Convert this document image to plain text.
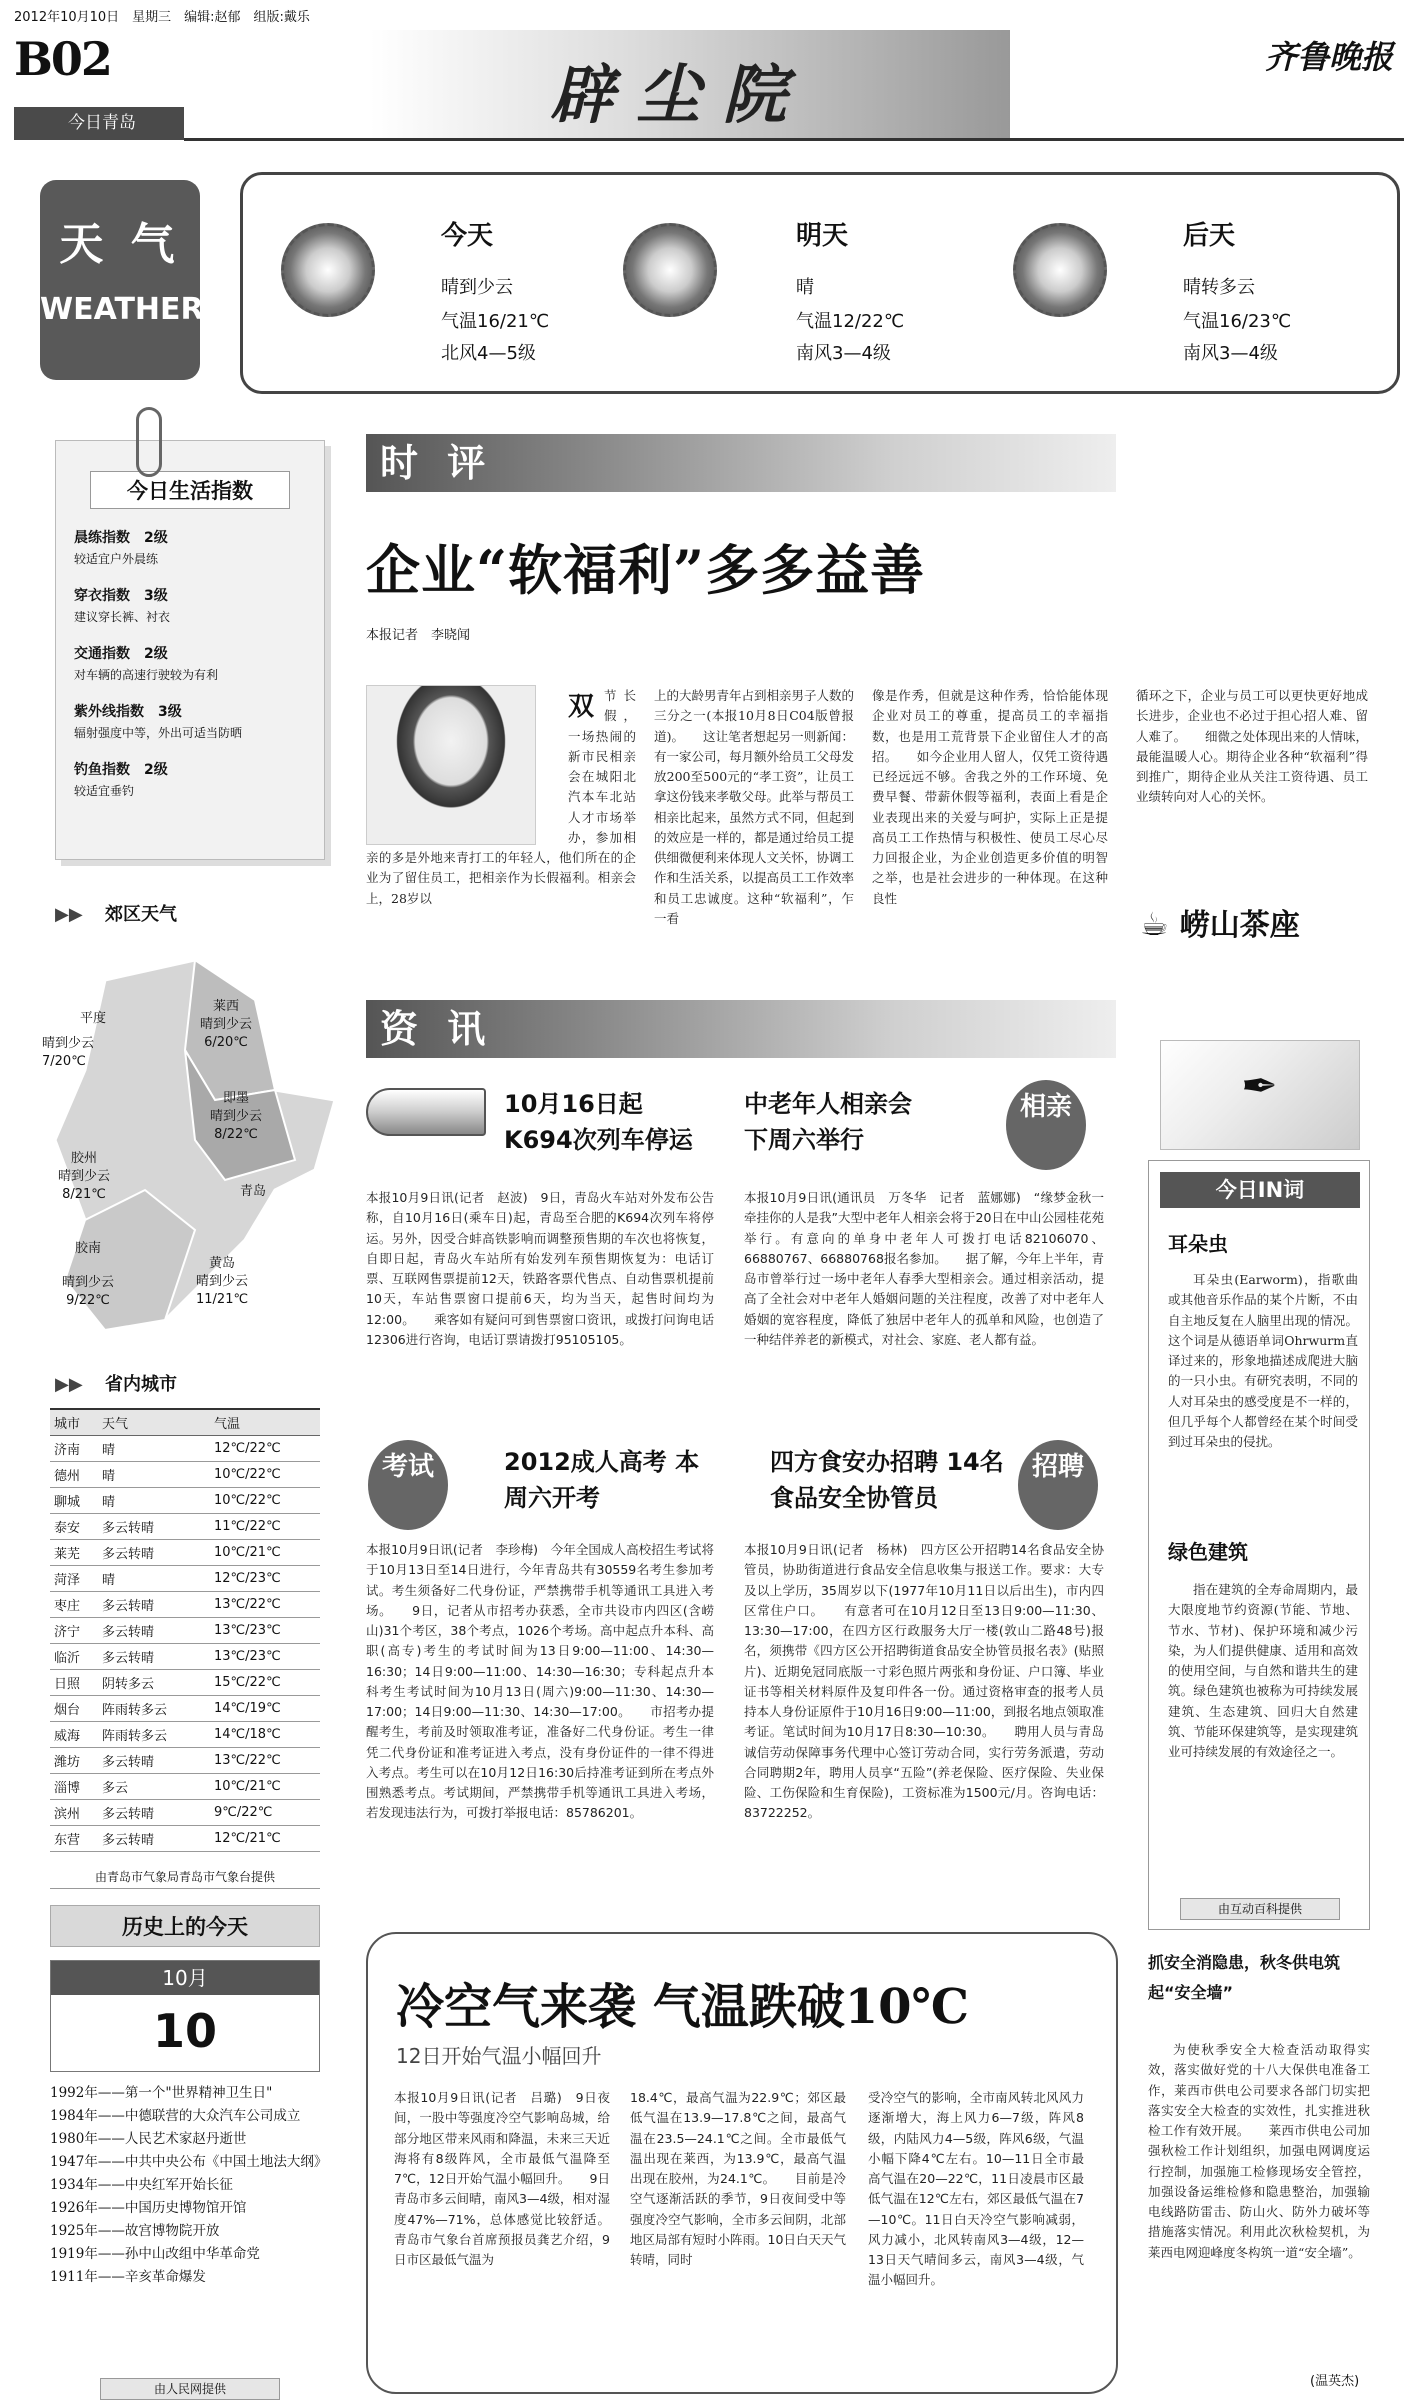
2012年10月10日　星期三　编辑:赵郁　组版:戴乐
B02
今日青岛	辟 尘 院
齐鲁晚报
天 气
WEATHER
今天
晴到少云
气温16/21℃
北风4—5级
明天
晴
气温12/22℃
南风3—4级
后天
晴转多云
气温16/23℃
南风3—4级
今日生活指数
晨练指数　2级
较适宜户外晨练
穿衣指数　3级
建议穿长裤、衬衣
交通指数　2级
对车辆的高速行驶较为有利
紫外线指数　3级
辐射强度中等，外出可适当防晒
钓鱼指数　2级
较适宜垂钓
▶▶ 郊区天气
平度
晴到少云
7/20℃
莱西
晴到少云
6/20℃
即墨
晴到少云
8/22℃
胶州
晴到少云
8/21℃	青岛
胶南
晴到少云
9/22℃
黄岛
晴到少云
11/21℃
▶▶ 省内城市
城市	天气	气温
济南	晴	12℃/22℃
德州	晴	10℃/22℃
聊城	晴	10℃/22℃
泰安	多云转晴	11℃/22℃
莱芜	多云转晴	10℃/21℃
菏泽	晴	12℃/23℃
枣庄	多云转晴	13℃/22℃
济宁	多云转晴	13℃/23℃
临沂	多云转晴	13℃/23℃
日照	阴转多云	15℃/22℃
烟台	阵雨转多云	14℃/19℃
威海	阵雨转多云	14℃/18℃
潍坊	多云转晴	13℃/22℃
淄博	多云	10℃/21℃
滨州	多云转晴	9℃/22℃
东营	多云转晴	12℃/21℃
由青岛市气象局青岛市气象台提供
历史上的今天
10月
10
1992年——第一个"世界精神卫生日"
1984年——中德联营的大众汽车公司成立
1980年——人民艺术家赵丹逝世
1947年——中共中央公布《中国土地法大纲》
1934年——中央红军开始长征
1926年——中国历史博物馆开馆
1925年——故宫博物院开放
1919年——孙中山改组中华革命党
1911年——辛亥革命爆发
由人民网提供
时 评
企业“软福利”多多益善
本报记者　李晓闻
双 节长假，一场热闹的新市民相亲会在城阳北汽本车北站人才市场举办，参加相亲的多是外地来青打工的年轻人，他们所在的企业为了留住员工，把相亲作为长假福利。相亲会上，28岁以
上的大龄男青年占到相亲男子人数的三分之一(本报10月8日C04版曾报道)。　　这让笔者想起另一则新闻：有一家公司，每月额外给员工父母发放200至500元的“孝工资”，让员工拿这份钱来孝敬父母。此举与帮员工相亲比起来，虽然方式不同，但起到的效应是一样的，都是通过给员工提供细微便利来体现人文关怀，协调工作和生活关系，以提高员工工作效率和员工忠诚度。这种“软福利”，乍一看
像是作秀，但就是这种作秀，恰恰能体现企业对员工的尊重，提高员工的幸福指数，也是用工荒背景下企业留住人才的高招。　　如今企业用人留人，仅凭工资待遇已经远远不够。舍我之外的工作环境、免费早餐、带薪休假等福利，表面上看是企业表现出来的关爱与呵护，实际上正是提高员工工作热情与积极性、使员工尽心尽力回报企业，为企业创造更多价值的明智之举，也是社会进步的一种体现。在这种良性
循环之下，企业与员工可以更快更好地成长进步，企业也不必过于担心招人难、留人难了。　　细微之处体现出来的人情味，最能温暖人心。期待企业各种“软福利”得到推广，期待企业从关注工资待遇、员工业绩转向对人心的关怀。
☕ 崂山茶座
资 讯
10月16日起 K694次列车停运
本报10月9日讯(记者　赵波)　9日，青岛火车站对外发布公告称，自10月16日(乘车日)起，青岛至合肥的K694次列车将停运。另外，因受合蚌高铁影响而调整预售期的车次也将恢复，自即日起，青岛火车站所有始发列车预售期恢复为：电话订票、互联网售票提前12天，铁路客票代售点、自动售票机提前10天，车站售票窗口提前6天，均为当天，起售时间均为12:00。　　乘客如有疑问可到售票窗口资讯，或拨打问询电话12306进行咨询，电话订票请拨打95105105。
中老年人相亲会 下周六举行
相亲
本报10月9日讯(通讯员　万冬华　记者　蓝娜娜)　“缘梦金秋一牵挂你的人是我”大型中老年人相亲会将于20日在中山公园桂花苑举行。有意向的单身中老年人可拨打电话82106070、66880767、66880768报名参加。　　据了解，今年上半年，青岛市曾举行过一场中老年人春季大型相亲会。通过相亲活动，提高了全社会对中老年人婚姻问题的关注程度，改善了对中老年人婚姻的宽容程度，降低了独居中老年人的孤单和风险，也创造了一种结伴养老的新模式，对社会、家庭、老人都有益。
考试	2012成人高考 本周六开考
本报10月9日讯(记者　李珍梅)　今年全国成人高校招生考试将于10月13日至14日进行，今年青岛共有30559名考生参加考试。考生须备好二代身份证，严禁携带手机等通讯工具进入考场。　　9日，记者从市招考办获悉，全市共设市内四区(含崂山)31个考区，38个考点，1026个考场。高中起点升本科、高职(高专)考生的考试时间为13日9:00—11:00、14:30—16:30；14日9:00—11:00、14:30—16:30；专科起点升本科考生考试时间为10月13日(周六)9:00—11:30、14:30—17:00；14日9:00—11:30、14:30—17:00。　　市招考办提醒考生，考前及时领取准考证，准备好二代身份证。考生一律凭二代身份证和准考证进入考点，没有身份证件的一律不得进入考点。考生可以在10月12日16:30后持准考证到所在考点外围熟悉考点。考试期间，严禁携带手机等通讯工具进入考场，若发现违法行为，可拨打举报电话：85786201。
四方食安办招聘 14名食品安全协管员
招聘
本报10月9日讯(记者　杨林)　四方区公开招聘14名食品安全协管员，协助街道进行食品安全信息收集与报送工作。要求：大专及以上学历，35周岁以下(1977年10月11日以后出生)，市内四区常住户口。　　有意者可在10月12日至13日9:00—11:30、13:30—17:00，在四方区行政服务大厅一楼(敦山二路48号)报名，须携带《四方区公开招聘街道食品安全协管员报名表》(贴照片)、近期免冠同底版一寸彩色照片两张和身份证、户口簿、毕业证书等相关材料原件及复印件各一份。通过资格审查的报考人员持本人身份证原件于10月16日9:00—11:00，到报名地点领取准考证。笔试时间为10月17日8:30—10:30。　　聘用人员与青岛诚信劳动保障事务代理中心签订劳动合同，实行劳务派遣，劳动合同聘期2年，聘用人员享“五险”(养老保险、医疗保险、失业保险、工伤保险和生育保险)，工资标准为1500元/月。咨询电话：83722252。
冷空气来袭 气温跌破10℃
12日开始气温小幅回升
本报10月9日讯(记者　吕璐)　9日夜间，一股中等强度冷空气影响岛城，给部分地区带来风雨和降温，未来三天近海将有8级阵风，全市最低气温降至7℃，12日开始气温小幅回升。　　9日青岛市多云间晴，南风3—4级，相对湿度47%—71%，总体感觉比较舒适。青岛市气象台首席预报员龚艺介绍，9日市区最低气温为
18.4℃，最高气温为22.9℃；郊区最低气温在13.9—17.8℃之间，最高气温在23.5—24.1℃之间。全市最低气温出现在莱西，为13.9℃，最高气温出现在胶州，为24.1℃。　　目前是冷空气逐渐活跃的季节，9日夜间受中等强度冷空气影响，全市多云间阴，北部地区局部有短时小阵雨。10日白天天气转晴，同时
受冷空气的影响，全市南风转北风风力逐渐增大，海上风力6—7级，阵风8级，内陆风力4—5级，阵风6级，气温小幅下降4℃左右。10—11日全市最高气温在20—22℃，11日凌晨市区最低气温在12℃左右，郊区最低气温在7—10℃。11日白天冷空气影响减弱，风力减小，北风转南风3—4级，12—13日天气晴间多云，南风3—4级，气温小幅回升。
✒
今日IN词
耳朵虫
耳朵虫(Earworm)，指歌曲或其他音乐作品的某个片断，不由自主地反复在人脑里出现的情况。这个词是从德语单词Ohrwurm直译过来的，形象地描述成爬进大脑的一只小虫。有研究表明，不同的人对耳朵虫的感受度是不一样的，但几乎每个人都曾经在某个时间受到过耳朵虫的侵扰。
绿色建筑
指在建筑的全寿命周期内，最大限度地节约资源(节能、节地、节水、节材)、保护环境和减少污染，为人们提供健康、适用和高效的使用空间，与自然和谐共生的建筑。绿色建筑也被称为可持续发展建筑、生态建筑、回归大自然建筑、节能环保建筑等，是实现建筑业可持续发展的有效途径之一。
由互动百科提供
抓安全消隐患，秋冬供电筑起“安全墙”
为使秋季安全大检查活动取得实效，落实做好党的十八大保供电准备工作，莱西市供电公司要求各部门切实把落实安全大检查的实效性，扎实推进秋检工作有效开展。　　莱西市供电公司加强秋检工作计划组织，加强电网调度运行控制，加强施工检修现场安全管控，加强设备运维检修和隐患整治，加强输电线路防雷击、防山火、防外力破坏等措施落实情况。利用此次秋检契机，为莱西电网迎峰度冬构筑一道“安全墙”。
(温英杰)
